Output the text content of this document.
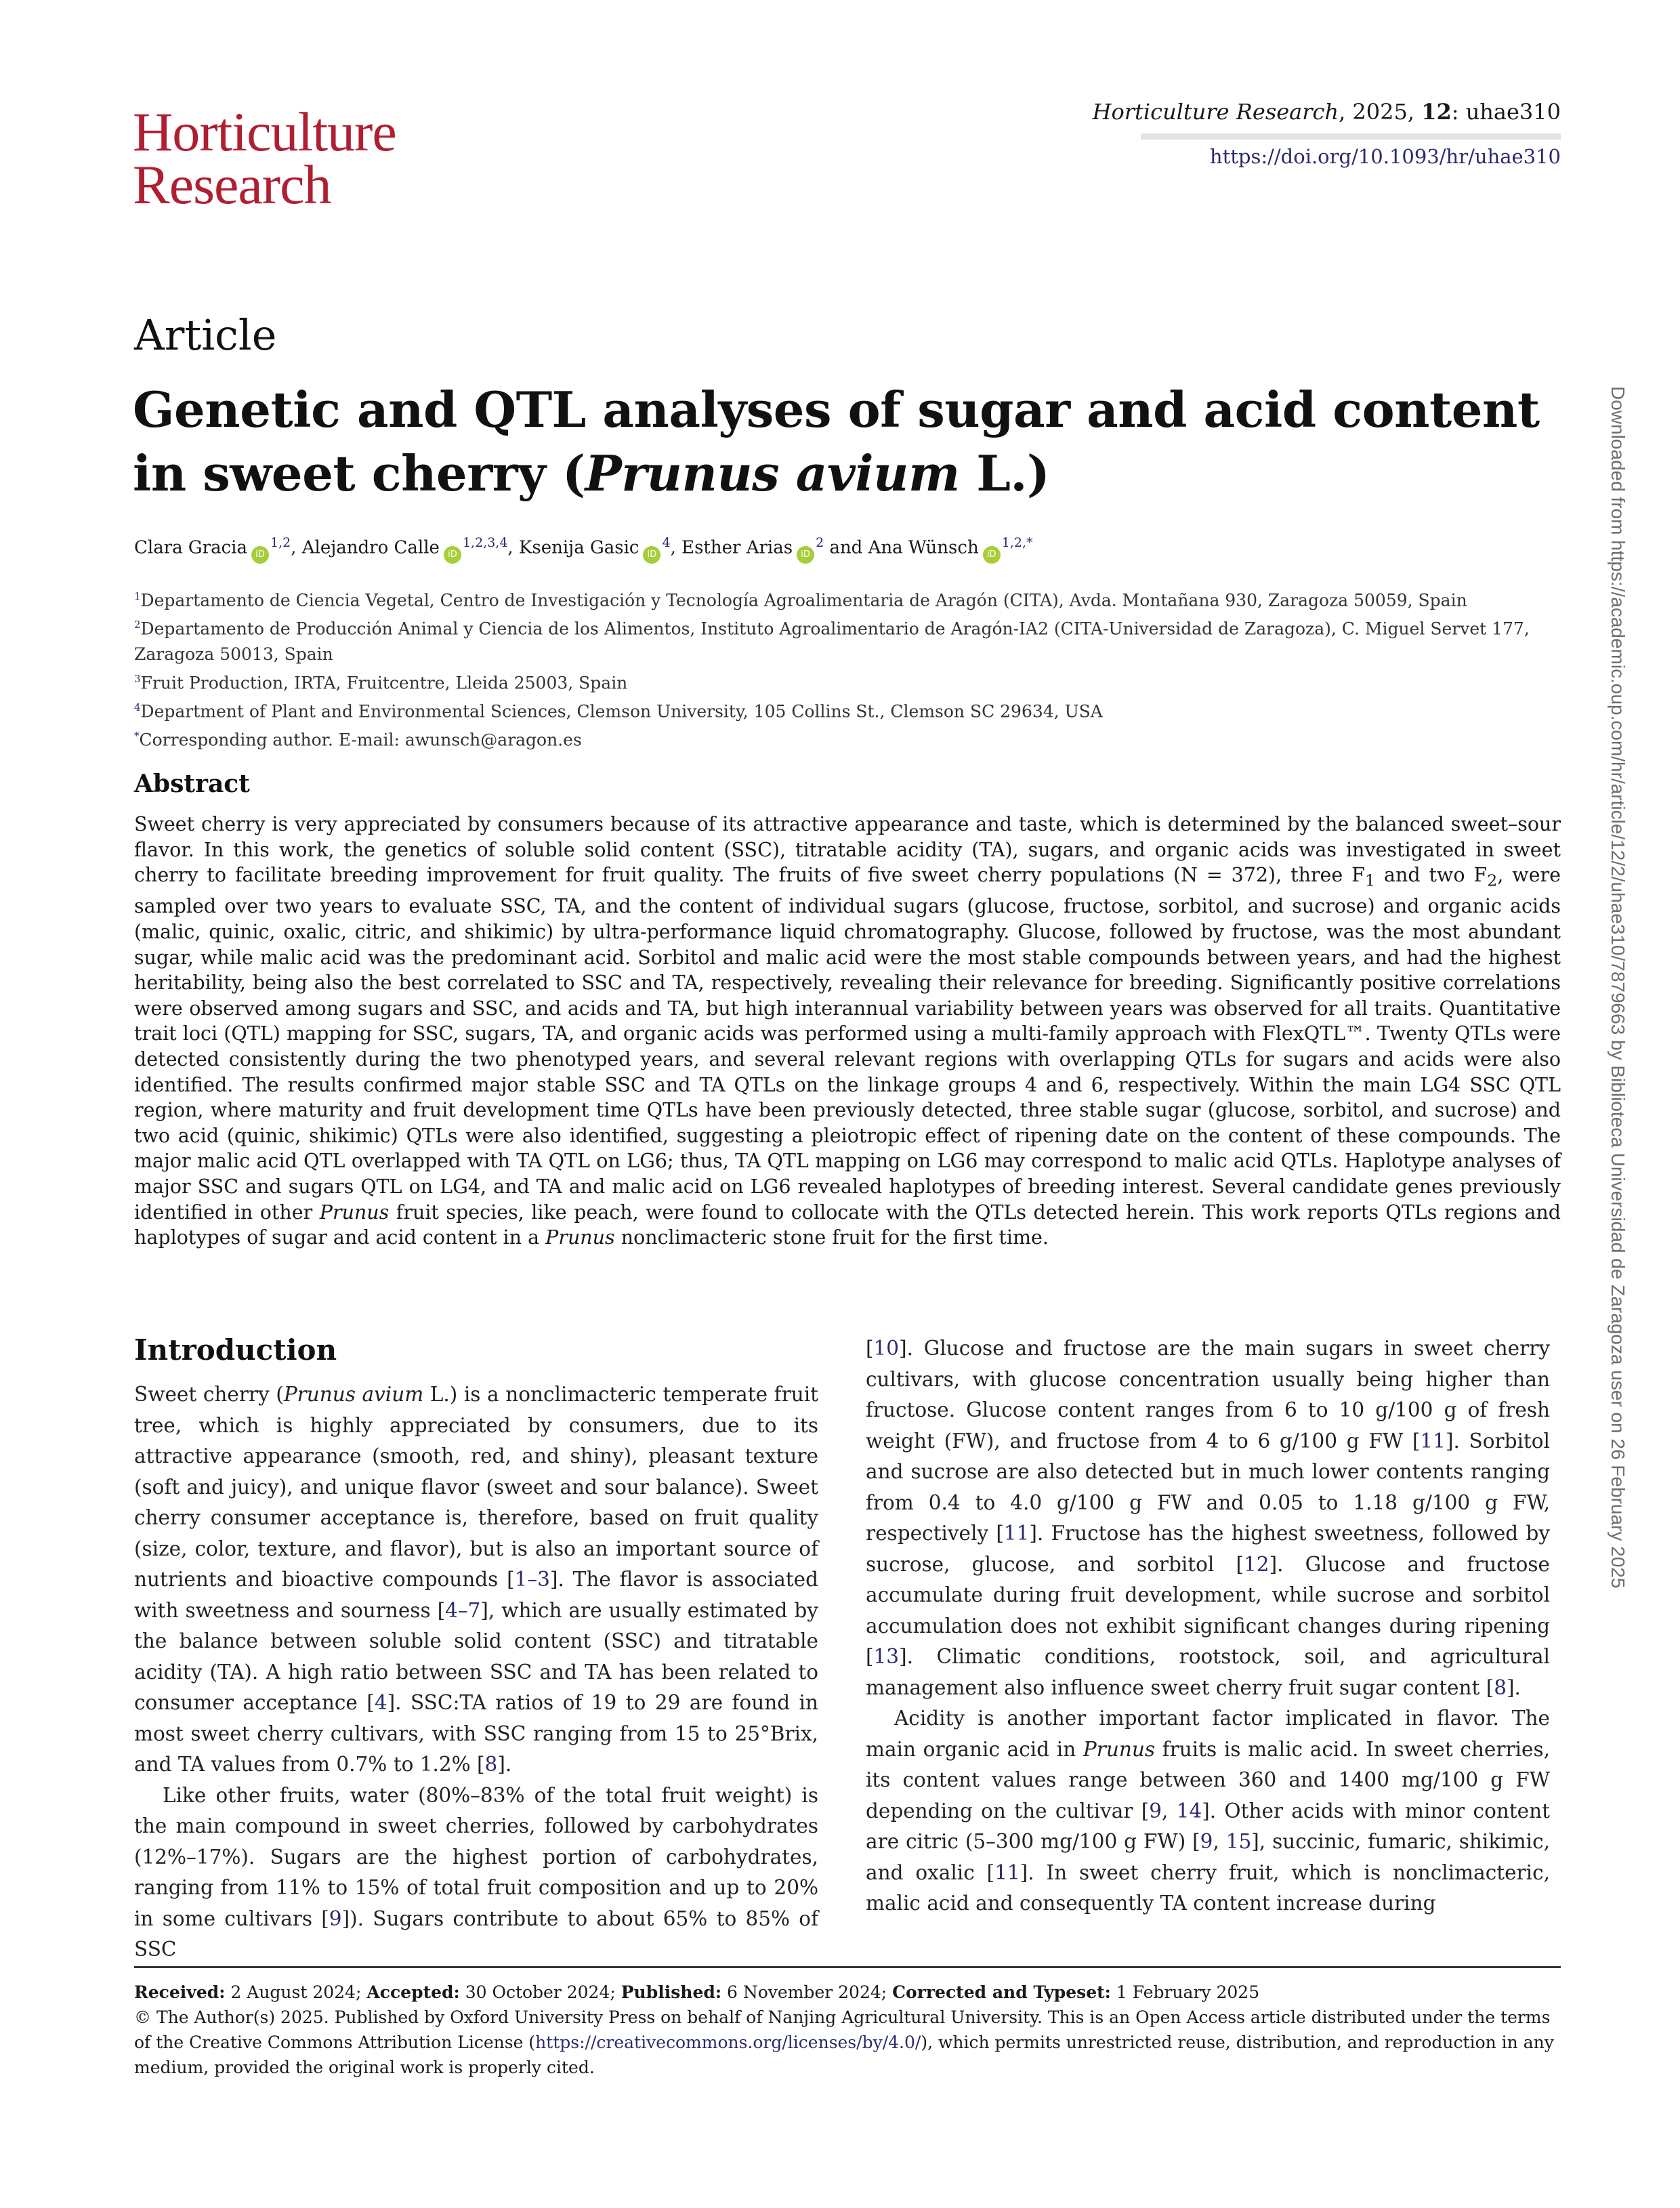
Horticulture
Research
Horticulture Research, 2025, 12: uhae310
https://doi.org/10.1093/hr/uhae310
Article
Genetic and QTL analyses of sugar and acid content in sweet cherry (Prunus avium L.)
Clara Gracia iD$^{1,2}$, Alejandro Calle iD$^{1,2,3,4}$, Ksenija Gasic iD$^4$, Esther Arias iD$^2$ and Ana Wünsch iD$^{1,2,*}$
$^1$Departamento de Ciencia Vegetal, Centro de Investigación y Tecnología Agroalimentaria de Aragón (CITA), Avda. Montañana 930, Zaragoza 50059, Spain
$^2$Departamento de Producción Animal y Ciencia de los Alimentos, Instituto Agroalimentario de Aragón-IA2 (CITA-Universidad de Zaragoza), C. Miguel Servet 177, Zaragoza 50013, Spain
$^3$Fruit Production, IRTA, Fruitcentre, Lleida 25003, Spain
$^4$Department of Plant and Environmental Sciences, Clemson University, 105 Collins St., Clemson SC 29634, USA
*Corresponding author. E-mail: awunsch@aragon.es
Abstract
Sweet cherry is very appreciated by consumers because of its attractive appearance and taste, which is determined by the balanced sweet–sour flavor. In this work, the genetics of soluble solid content (SSC), titratable acidity (TA), sugars, and organic acids was investigated in sweet cherry to facilitate breeding improvement for fruit quality. The fruits of five sweet cherry populations (N = 372), three $F_1$ and two $F_2$, were sampled over two years to evaluate SSC, TA, and the content of individual sugars (glucose, fructose, sorbitol, and sucrose) and organic acids (malic, quinic, oxalic, citric, and shikimic) by ultra-performance liquid chromatography. Glucose, followed by fructose, was the most abundant sugar, while malic acid was the predominant acid. Sorbitol and malic acid were the most stable compounds between years, and had the highest heritability, being also the best correlated to SSC and TA, respectively, revealing their relevance for breeding. Significantly positive correlations were observed among sugars and SSC, and acids and TA, but high interannual variability between years was observed for all traits. Quantitative trait loci (QTL) mapping for SSC, sugars, TA, and organic acids was performed using a multi-family approach with FlexQTL™. Twenty QTLs were detected consistently during the two phenotyped years, and several relevant regions with overlapping QTLs for sugars and acids were also identified. The results confirmed major stable SSC and TA QTLs on the linkage groups 4 and 6, respectively. Within the main LG4 SSC QTL region, where maturity and fruit development time QTLs have been previously detected, three stable sugar (glucose, sorbitol, and sucrose) and two acid (quinic, shikimic) QTLs were also identified, suggesting a pleiotropic effect of ripening date on the content of these compounds. The major malic acid QTL overlapped with TA QTL on LG6; thus, TA QTL mapping on LG6 may correspond to malic acid QTLs. Haplotype analyses of major SSC and sugars QTL on LG4, and TA and malic acid on LG6 revealed haplotypes of breeding interest. Several candidate genes previously identified in other Prunus fruit species, like peach, were found to collocate with the QTLs detected herein. This work reports QTLs regions and haplotypes of sugar and acid content in a Prunus nonclimacteric stone fruit for the first time.
Introduction

Sweet cherry (Prunus avium L.) is a nonclimacteric temperate fruit tree, which is highly appreciated by consumers, due to its attractive appearance (smooth, red, and shiny), pleasant texture (soft and juicy), and unique flavor (sweet and sour balance). Sweet cherry consumer acceptance is, therefore, based on fruit quality (size, color, texture, and flavor), but is also an important source of nutrients and bioactive compounds [1–3]. The flavor is associated with sweetness and sourness [4–7], which are usually estimated by the balance between soluble solid content (SSC) and titratable acidity (TA). A high ratio between SSC and TA has been related to consumer acceptance [4]. SSC:TA ratios of 19 to 29 are found in most sweet cherry cultivars, with SSC ranging from 15 to 25°Brix, and TA values from 0.7% to 1.2% [8].

Like other fruits, water (80%–83% of the total fruit weight) is the main compound in sweet cherries, followed by carbohydrates (12%–17%). Sugars are the highest portion of carbohydrates, ranging from 11% to 15% of total fruit composition and up to 20% in some cultivars [9]). Sugars contribute to about 65% to 85% of SSC

[10]. Glucose and fructose are the main sugars in sweet cherry cultivars, with glucose concentration usually being higher than fructose. Glucose content ranges from 6 to 10 g/100 g of fresh weight (FW), and fructose from 4 to 6 g/100 g FW [11]. Sorbitol and sucrose are also detected but in much lower contents ranging from 0.4 to 4.0 g/100 g FW and 0.05 to 1.18 g/100 g FW, respectively [11]. Fructose has the highest sweetness, followed by sucrose, glucose, and sorbitol [12]. Glucose and fructose accumulate during fruit development, while sucrose and sorbitol accumulation does not exhibit significant changes during ripening [13]. Climatic conditions, rootstock, soil, and agricultural management also influence sweet cherry fruit sugar content [8].

Acidity is another important factor implicated in flavor. The main organic acid in Prunus fruits is malic acid. In sweet cherries, its content values range between 360 and 1400 mg/100 g FW depending on the cultivar [9, 14]. Other acids with minor content are citric (5–300 mg/100 g FW) [9, 15], succinic, fumaric, shikimic, and oxalic [11]. In sweet cherry fruit, which is nonclimacteric, malic acid and consequently TA content increase during

Received: 2 August 2024; Accepted: 30 October 2024; Published: 6 November 2024; Corrected and Typeset: 1 February 2025
© The Author(s) 2025. Published by Oxford University Press on behalf of Nanjing Agricultural University. This is an Open Access article distributed under the terms of the Creative Commons Attribution License (https://creativecommons.org/licenses/by/4.0/), which permits unrestricted reuse, distribution, and reproduction in any medium, provided the original work is properly cited.
Downloaded from https://academic.oup.com/hr/article/12/2/uhae310/7879663 by Biblioteca Universidad de Zaragoza user on 26 February 2025
